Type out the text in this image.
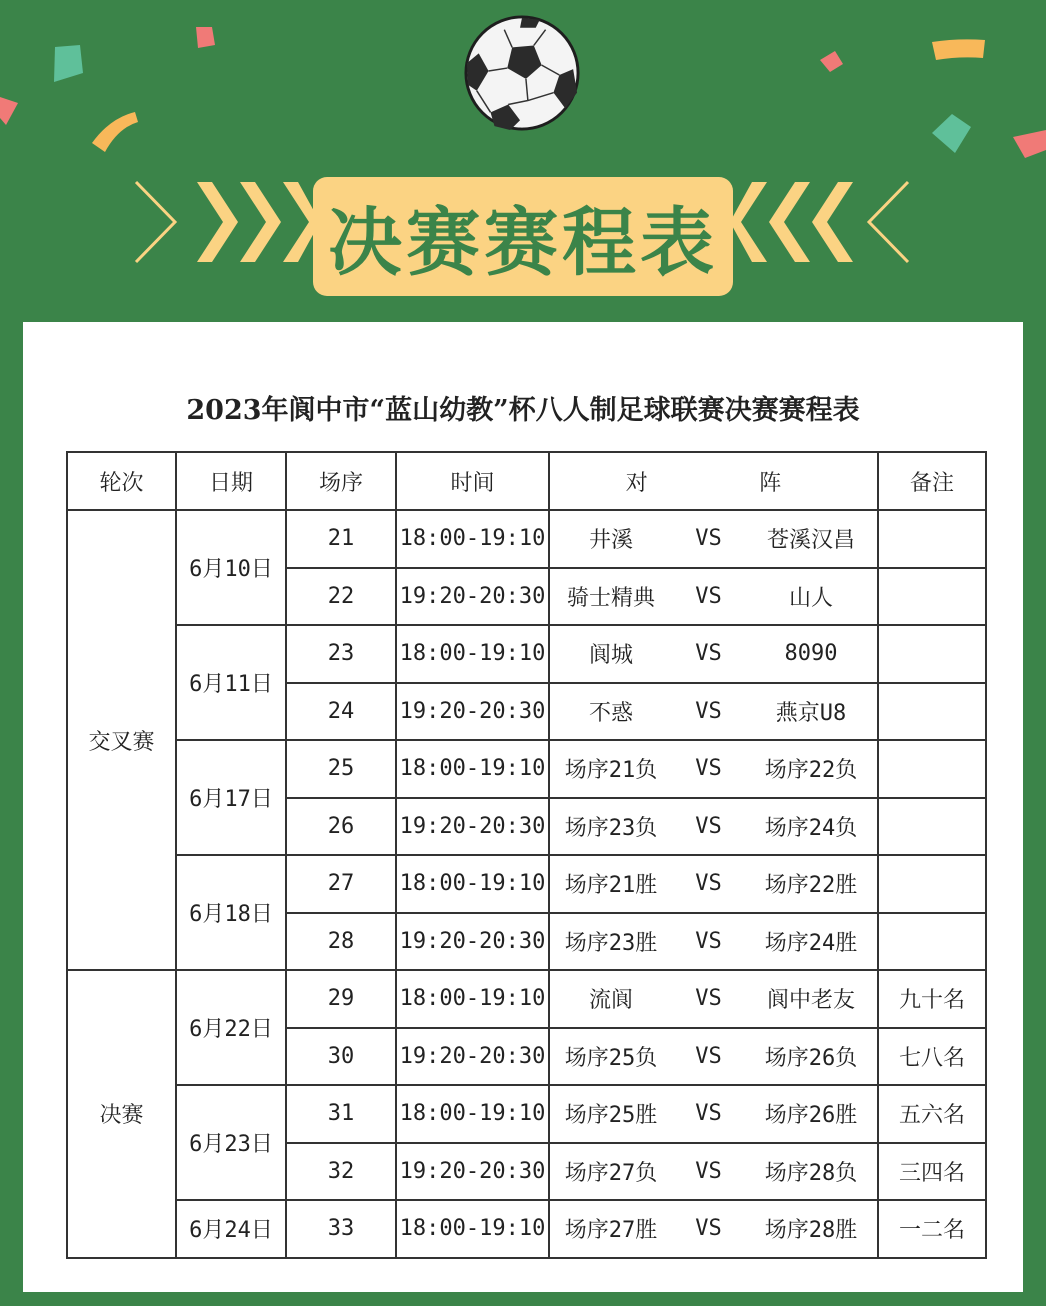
决赛赛程表
2023年阆中市“蓝山幼教”杯八人制足球联赛决赛赛程表
轮次	日期	场序	时间	对 阵	备注
交叉赛	6月10日	21	18:00-19:10	井溪 VS 苍溪汉昌	

		22	19:20-20:30	骑士精典 VS 山人	

	6月11日	23	18:00-19:10	阆城 VS 8090	

		24	19:20-20:30	不惑 VS 燕京U8	

	6月17日	25	18:00-19:10	场序21负 VS 场序22负	

		26	19:20-20:30	场序23负 VS 场序24负	

	6月18日	27	18:00-19:10	场序21胜 VS 场序22胜	

		28	19:20-20:30	场序23胜 VS 场序24胜	

决赛	6月22日	29	18:00-19:10	流阆 VS 阆中老友	九十名
		30	19:20-20:30	场序25负 VS 场序26负	七八名
	6月23日	31	18:00-19:10	场序25胜 VS 场序26胜	五六名
		32	19:20-20:30	场序27负 VS 场序28负	三四名
	6月24日	33	18:00-19:10	场序27胜 VS 场序28胜	一二名
